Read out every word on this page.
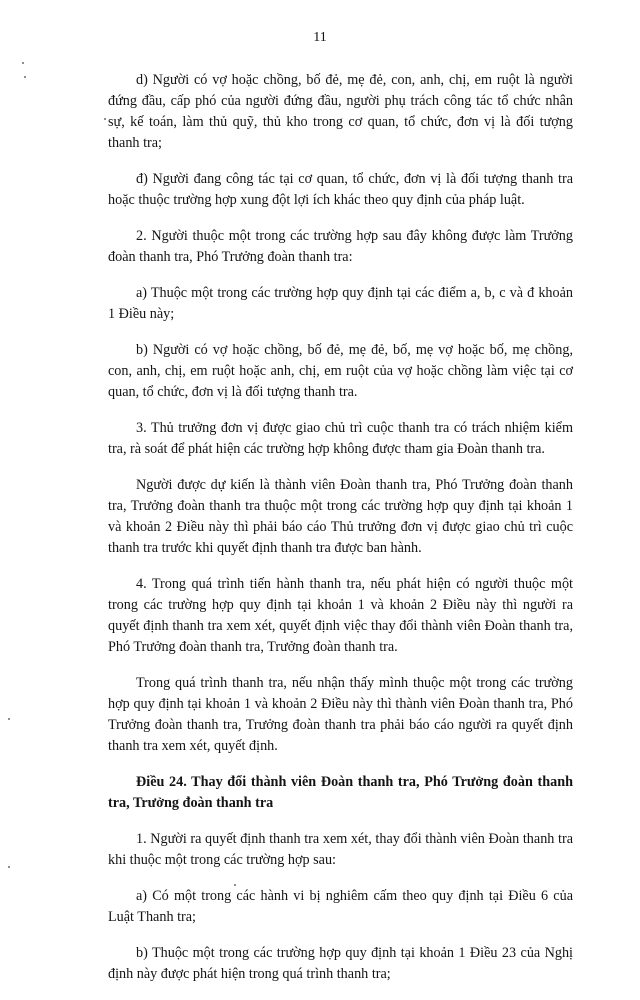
11

d) Người có vợ hoặc chồng, bố đẻ, mẹ đẻ, con, anh, chị, em ruột là người đứng đầu, cấp phó của người đứng đầu, người phụ trách công tác tổ chức nhân sự, kế toán, làm thủ quỹ, thủ kho trong cơ quan, tổ chức, đơn vị là đối tượng thanh tra;

đ) Người đang công tác tại cơ quan, tổ chức, đơn vị là đối tượng thanh tra hoặc thuộc trường hợp xung đột lợi ích khác theo quy định của pháp luật.

2. Người thuộc một trong các trường hợp sau đây không được làm Trưởng đoàn thanh tra, Phó Trưởng đoàn thanh tra:

a) Thuộc một trong các trường hợp quy định tại các điểm a, b, c và đ khoản 1 Điều này;

b) Người có vợ hoặc chồng, bố đẻ, mẹ đẻ, bố, mẹ vợ hoặc bố, mẹ chồng, con, anh, chị, em ruột hoặc anh, chị, em ruột của vợ hoặc chồng làm việc tại cơ quan, tổ chức, đơn vị là đối tượng thanh tra.

3. Thủ trưởng đơn vị được giao chủ trì cuộc thanh tra có trách nhiệm kiểm tra, rà soát để phát hiện các trường hợp không được tham gia Đoàn thanh tra.

Người được dự kiến là thành viên Đoàn thanh tra, Phó Trưởng đoàn thanh tra, Trưởng đoàn thanh tra thuộc một trong các trường hợp quy định tại khoản 1 và khoản 2 Điều này thì phải báo cáo Thủ trưởng đơn vị được giao chủ trì cuộc thanh tra trước khi quyết định thanh tra được ban hành.

4. Trong quá trình tiến hành thanh tra, nếu phát hiện có người thuộc một trong các trường hợp quy định tại khoản 1 và khoản 2 Điều này thì người ra quyết định thanh tra xem xét, quyết định việc thay đổi thành viên Đoàn thanh tra, Phó Trưởng đoàn thanh tra, Trưởng đoàn thanh tra.

Trong quá trình thanh tra, nếu nhận thấy mình thuộc một trong các trường hợp quy định tại khoản 1 và khoản 2 Điều này thì thành viên Đoàn thanh tra, Phó Trưởng đoàn thanh tra, Trưởng đoàn thanh tra phải báo cáo người ra quyết định thanh tra xem xét, quyết định.

Điều 24. Thay đổi thành viên Đoàn thanh tra, Phó Trưởng đoàn thanh tra, Trưởng đoàn thanh tra

1. Người ra quyết định thanh tra xem xét, thay đổi thành viên Đoàn thanh tra khi thuộc một trong các trường hợp sau:

a) Có một trong các hành vi bị nghiêm cấm theo quy định tại Điều 6 của Luật Thanh tra;

b) Thuộc một trong các trường hợp quy định tại khoản 1 Điều 23 của Nghị định này được phát hiện trong quá trình thanh tra;
